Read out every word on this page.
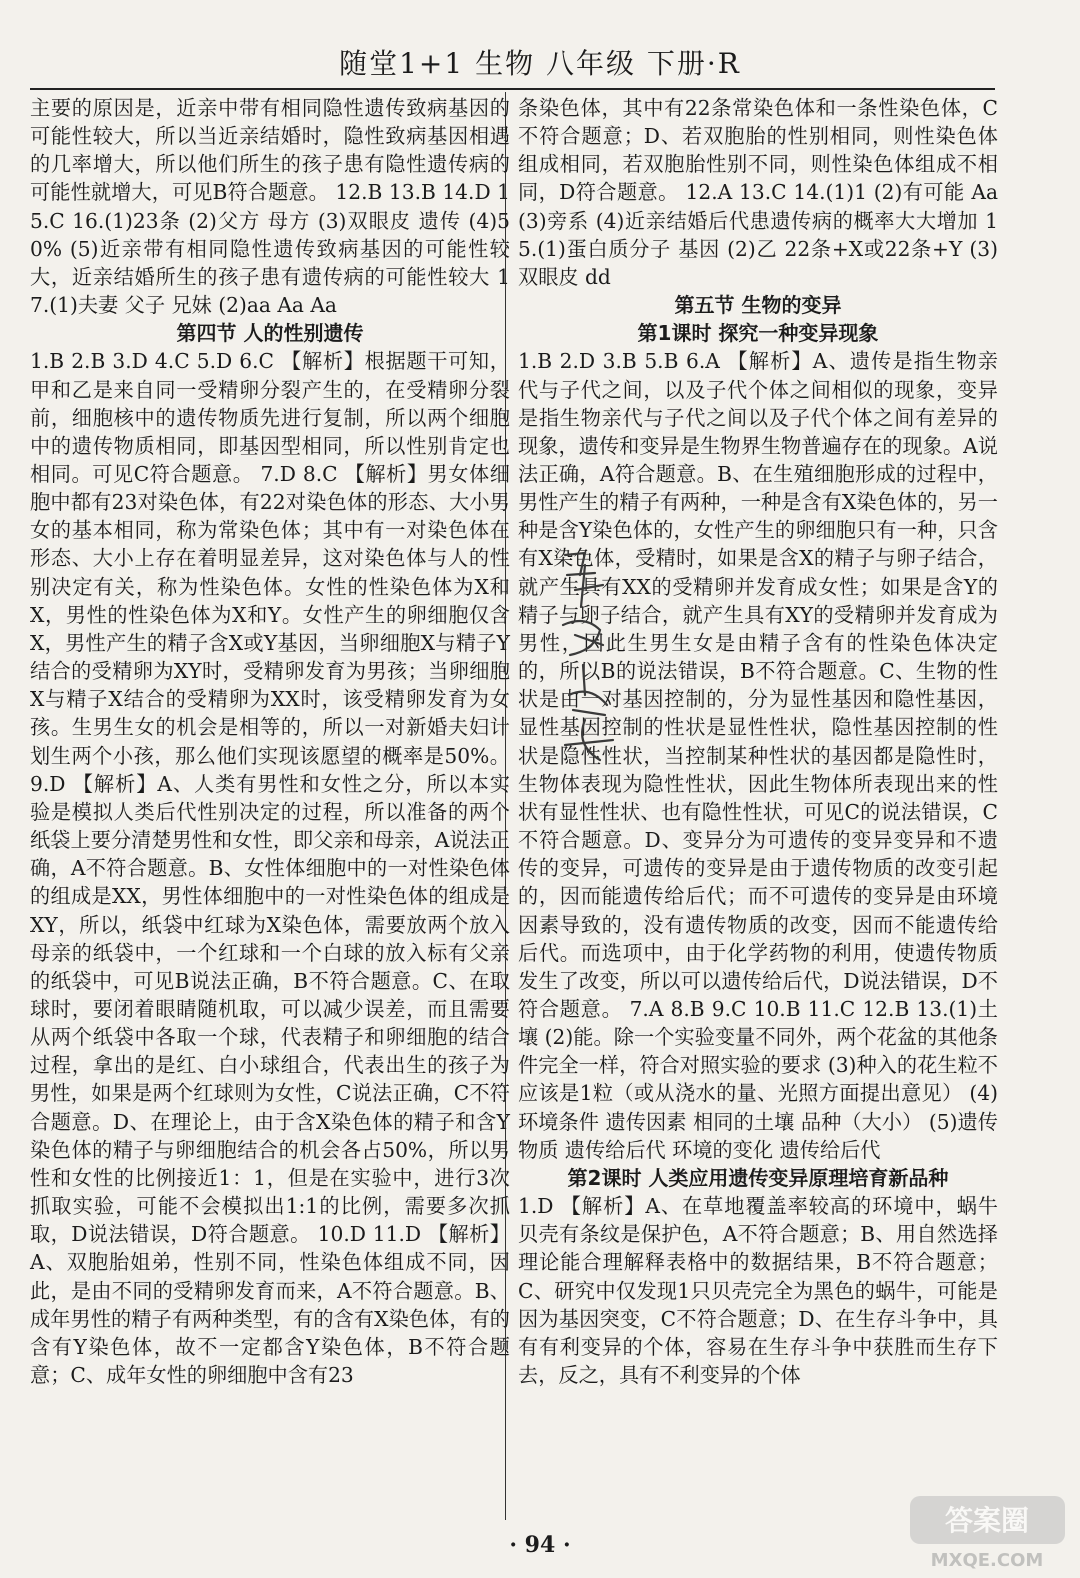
随堂1+1 生物 八年级 下册·R
主要的原因是，近亲中带有相同隐性遗传致病基因的可能性较大，所以当近亲结婚时，隐性致病基因相遇的几率增大，所以他们所生的孩子患有隐性遗传病的可能性就增大，可见B符合题意。 12.B 13.B 14.D 15.C 16.(1)23条 (2)父方 母方 (3)双眼皮 遗传 (4)50% (5)近亲带有相同隐性遗传致病基因的可能性较大，近亲结婚所生的孩子患有遗传病的可能性较大 17.(1)夫妻 父子 兄妹 (2)aa Aa Aa
第四节 人的性别遗传
1.B 2.B 3.D 4.C 5.D 6.C 【解析】根据题干可知，甲和乙是来自同一受精卵分裂产生的，在受精卵分裂前，细胞核中的遗传物质先进行复制，所以两个细胞中的遗传物质相同，即基因型相同，所以性别肯定也相同。可见C符合题意。 7.D 8.C 【解析】男女体细胞中都有23对染色体，有22对染色体的形态、大小男女的基本相同，称为常染色体；其中有一对染色体在形态、大小上存在着明显差异，这对染色体与人的性别决定有关，称为性染色体。女性的性染色体为X和X，男性的性染色体为X和Y。女性产生的卵细胞仅含X，男性产生的精子含X或Y基因，当卵细胞X与精子Y结合的受精卵为XY时，受精卵发育为男孩；当卵细胞X与精子X结合的受精卵为XX时，该受精卵发育为女孩。生男生女的机会是相等的，所以一对新婚夫妇计划生两个小孩，那么他们实现该愿望的概率是50%。 9.D 【解析】A、人类有男性和女性之分，所以本实验是模拟人类后代性别决定的过程，所以准备的两个纸袋上要分清楚男性和女性，即父亲和母亲，A说法正确，A不符合题意。B、女性体细胞中的一对性染色体的组成是XX，男性体细胞中的一对性染色体的组成是XY，所以，纸袋中红球为X染色体，需要放两个放入母亲的纸袋中，一个红球和一个白球的放入标有父亲的纸袋中，可见B说法正确，B不符合题意。C、在取球时，要闭着眼睛随机取，可以减少误差，而且需要从两个纸袋中各取一个球，代表精子和卵细胞的结合过程，拿出的是红、白小球组合，代表出生的孩子为男性，如果是两个红球则为女性，C说法正确，C不符合题意。D、在理论上，由于含X染色体的精子和含Y染色体的精子与卵细胞结合的机会各占50%，所以男性和女性的比例接近1：1，但是在实验中，进行3次抓取实验，可能不会模拟出1:1的比例，需要多次抓取，D说法错误，D符合题意。 10.D 11.D 【解析】A、双胞胎姐弟，性别不同，性染色体组成不同，因此，是由不同的受精卵发育而来，A不符合题意。B、成年男性的精子有两种类型，有的含有X染色体，有的含有Y染色体，故不一定都含Y染色体，B不符合题意；C、成年女性的卵细胞中含有23
条染色体，其中有22条常染色体和一条性染色体，C不符合题意；D、若双胞胎的性别相同，则性染色体组成相同，若双胞胎性别不同，则性染色体组成不相同，D符合题意。 12.A 13.C 14.(1)1 (2)有可能 Aa (3)旁系 (4)近亲结婚后代患遗传病的概率大大增加 15.(1)蛋白质分子 基因 (2)乙 22条+X或22条+Y (3)双眼皮 dd
第五节 生物的变异
第1课时 探究一种变异现象
1.B 2.D 3.B 5.B 6.A 【解析】A、遗传是指生物亲代与子代之间，以及子代个体之间相似的现象，变异是指生物亲代与子代之间以及子代个体之间有差异的现象，遗传和变异是生物界生物普遍存在的现象。A说法正确，A符合题意。B、在生殖细胞形成的过程中，男性产生的精子有两种，一种是含有X染色体的，另一种是含Y染色体的，女性产生的卵细胞只有一种，只含有X染色体，受精时，如果是含X的精子与卵子结合，就产生具有XX的受精卵并发育成女性；如果是含Y的精子与卵子结合，就产生具有XY的受精卵并发育成为男性，因此生男生女是由精子含有的性染色体决定的，所以B的说法错误，B不符合题意。C、生物的性状是由一对基因控制的，分为显性基因和隐性基因，显性基因控制的性状是显性性状，隐性基因控制的性状是隐性性状，当控制某种性状的基因都是隐性时，生物体表现为隐性性状，因此生物体所表现出来的性状有显性性状、也有隐性性状，可见C的说法错误，C不符合题意。D、变异分为可遗传的变异变异和不遗传的变异，可遗传的变异是由于遗传物质的改变引起的，因而能遗传给后代；而不可遗传的变异是由环境因素导致的，没有遗传物质的改变，因而不能遗传给后代。而选项中，由于化学药物的利用，使遗传物质发生了改变，所以可以遗传给后代，D说法错误，D不符合题意。 7.A 8.B 9.C 10.B 11.C 12.B 13.(1)土壤 (2)能。除一个实验变量不同外，两个花盆的其他条件完全一样，符合对照实验的要求 (3)种入的花生粒不应该是1粒（或从浇水的量、光照方面提出意见） (4)环境条件 遗传因素 相同的土壤 品种（大小） (5)遗传物质 遗传给后代 环境的变化 遗传给后代
第2课时 人类应用遗传变异原理培育新品种
1.D 【解析】A、在草地覆盖率较高的环境中，蜗牛贝壳有条纹是保护色，A不符合题意；B、用自然选择理论能合理解释表格中的数据结果，B不符合题意；C、研究中仅发现1只贝壳完全为黑色的蜗牛，可能是因为基因突变，C不符合题意；D、在生存斗争中，具有有利变异的个体，容易在生存斗争中获胜而生存下去，反之，具有不利变异的个体
· 94 ·
答案圈
MXQE.COM
